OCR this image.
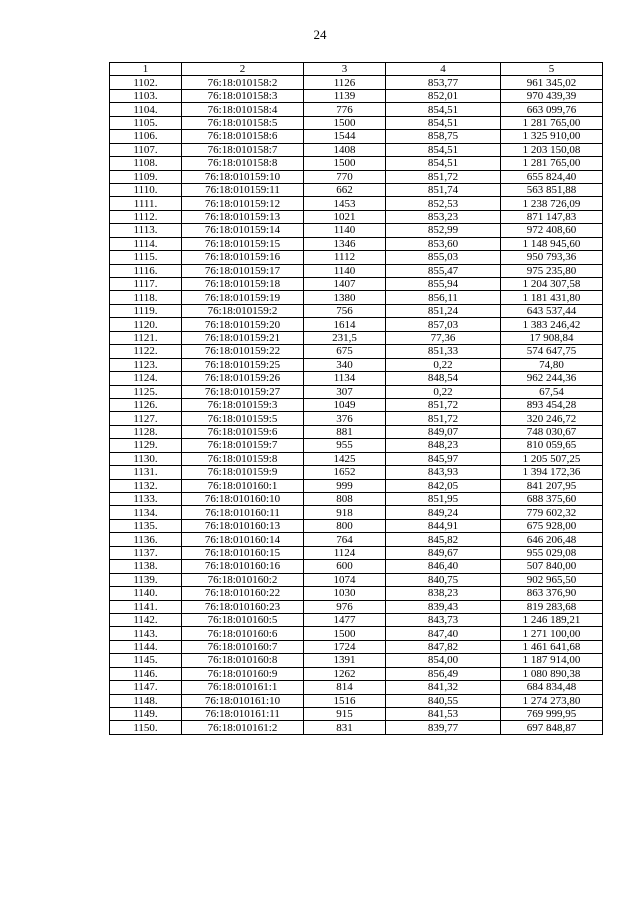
24
1	2	3	4	5
1102.	76:18:010158:2	1126	853,77	961 345,02
1103.	76:18:010158:3	1139	852,01	970 439,39
1104.	76:18:010158:4	776	854,51	663 099,76
1105.	76:18:010158:5	1500	854,51	1 281 765,00
1106.	76:18:010158:6	1544	858,75	1 325 910,00
1107.	76:18:010158:7	1408	854,51	1 203 150,08
1108.	76:18:010158:8	1500	854,51	1 281 765,00
1109.	76:18:010159:10	770	851,72	655 824,40
1110.	76:18:010159:11	662	851,74	563 851,88
1111.	76:18:010159:12	1453	852,53	1 238 726,09
1112.	76:18:010159:13	1021	853,23	871 147,83
1113.	76:18:010159:14	1140	852,99	972 408,60
1114.	76:18:010159:15	1346	853,60	1 148 945,60
1115.	76:18:010159:16	1112	855,03	950 793,36
1116.	76:18:010159:17	1140	855,47	975 235,80
1117.	76:18:010159:18	1407	855,94	1 204 307,58
1118.	76:18:010159:19	1380	856,11	1 181 431,80
1119.	76:18:010159:2	756	851,24	643 537,44
1120.	76:18:010159:20	1614	857,03	1 383 246,42
1121.	76:18:010159:21	231,5	77,36	17 908,84
1122.	76:18:010159:22	675	851,33	574 647,75
1123.	76:18:010159:25	340	0,22	74,80
1124.	76:18:010159:26	1134	848,54	962 244,36
1125.	76:18:010159:27	307	0,22	67,54
1126.	76:18:010159:3	1049	851,72	893 454,28
1127.	76:18:010159:5	376	851,72	320 246,72
1128.	76:18:010159:6	881	849,07	748 030,67
1129.	76:18:010159:7	955	848,23	810 059,65
1130.	76:18:010159:8	1425	845,97	1 205 507,25
1131.	76:18:010159:9	1652	843,93	1 394 172,36
1132.	76:18:010160:1	999	842,05	841 207,95
1133.	76:18:010160:10	808	851,95	688 375,60
1134.	76:18:010160:11	918	849,24	779 602,32
1135.	76:18:010160:13	800	844,91	675 928,00
1136.	76:18:010160:14	764	845,82	646 206,48
1137.	76:18:010160:15	1124	849,67	955 029,08
1138.	76:18:010160:16	600	846,40	507 840,00
1139.	76:18:010160:2	1074	840,75	902 965,50
1140.	76:18:010160:22	1030	838,23	863 376,90
1141.	76:18:010160:23	976	839,43	819 283,68
1142.	76:18:010160:5	1477	843,73	1 246 189,21
1143.	76:18:010160:6	1500	847,40	1 271 100,00
1144.	76:18:010160:7	1724	847,82	1 461 641,68
1145.	76:18:010160:8	1391	854,00	1 187 914,00
1146.	76:18:010160:9	1262	856,49	1 080 890,38
1147.	76:18:010161:1	814	841,32	684 834,48
1148.	76:18:010161:10	1516	840,55	1 274 273,80
1149.	76:18:010161:11	915	841,53	769 999,95
1150.	76:18:010161:2	831	839,77	697 848,87
